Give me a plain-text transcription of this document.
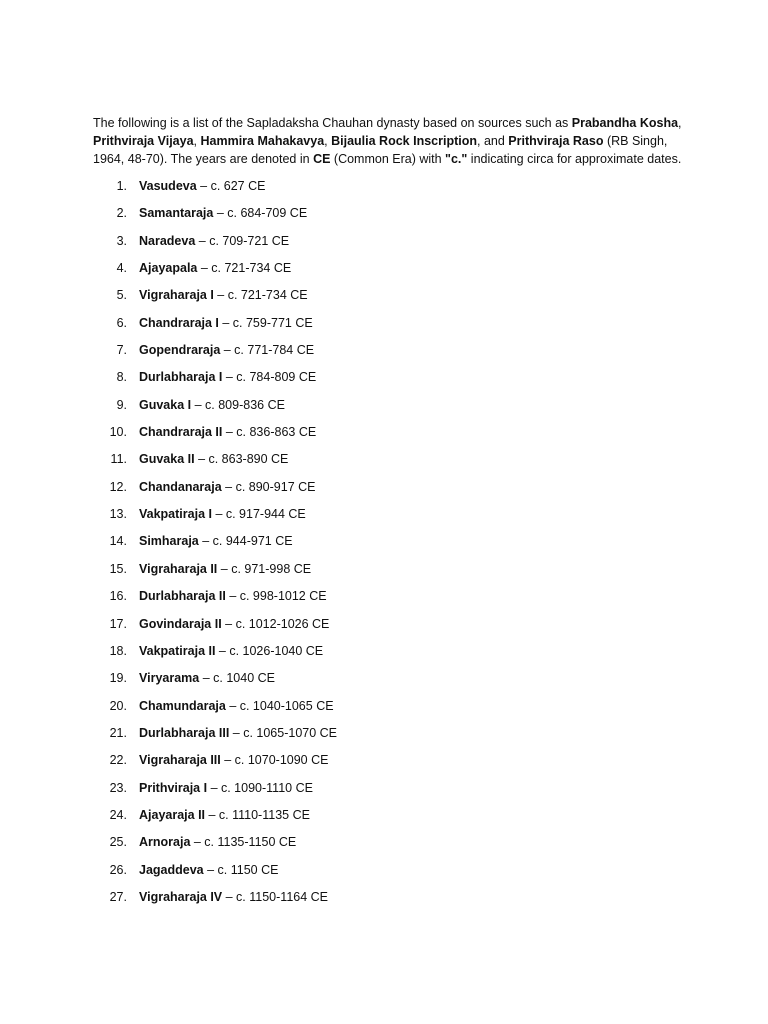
The following is a list of the Sapladaksha Chauhan dynasty based on sources such as Prabandha Kosha, Prithviraja Vijaya, Hammira Mahakavya, Bijaulia Rock Inscription, and Prithviraja Raso (RB Singh, 1964, 48-70). The years are denoted in CE (Common Era) with "c." indicating circa for approximate dates.

1. Vasudeva – c. 627 CE
2. Samantaraja – c. 684-709 CE
3. Naradeva – c. 709-721 CE
4. Ajayapala – c. 721-734 CE
5. Vigraharaja I – c. 721-734 CE
6. Chandraraja I – c. 759-771 CE
7. Gopendraraja – c. 771-784 CE
8. Durlabharaja I – c. 784-809 CE
9. Guvaka I – c. 809-836 CE
10. Chandraraja II – c. 836-863 CE
11. Guvaka II – c. 863-890 CE
12. Chandanaraja – c. 890-917 CE
13. Vakpatiraja I – c. 917-944 CE
14. Simharaja – c. 944-971 CE
15. Vigraharaja II – c. 971-998 CE
16. Durlabharaja II – c. 998-1012 CE
17. Govindaraja II – c. 1012-1026 CE
18. Vakpatiraja II – c. 1026-1040 CE
19. Viryarama – c. 1040 CE
20. Chamundaraja – c. 1040-1065 CE
21. Durlabharaja III – c. 1065-1070 CE
22. Vigraharaja III – c. 1070-1090 CE
23. Prithviraja I – c. 1090-1110 CE
24. Ajayaraja II – c. 1110-1135 CE
25. Arnoraja – c. 1135-1150 CE
26. Jagaddeva – c. 1150 CE
27. Vigraharaja IV – c. 1150-1164 CE
